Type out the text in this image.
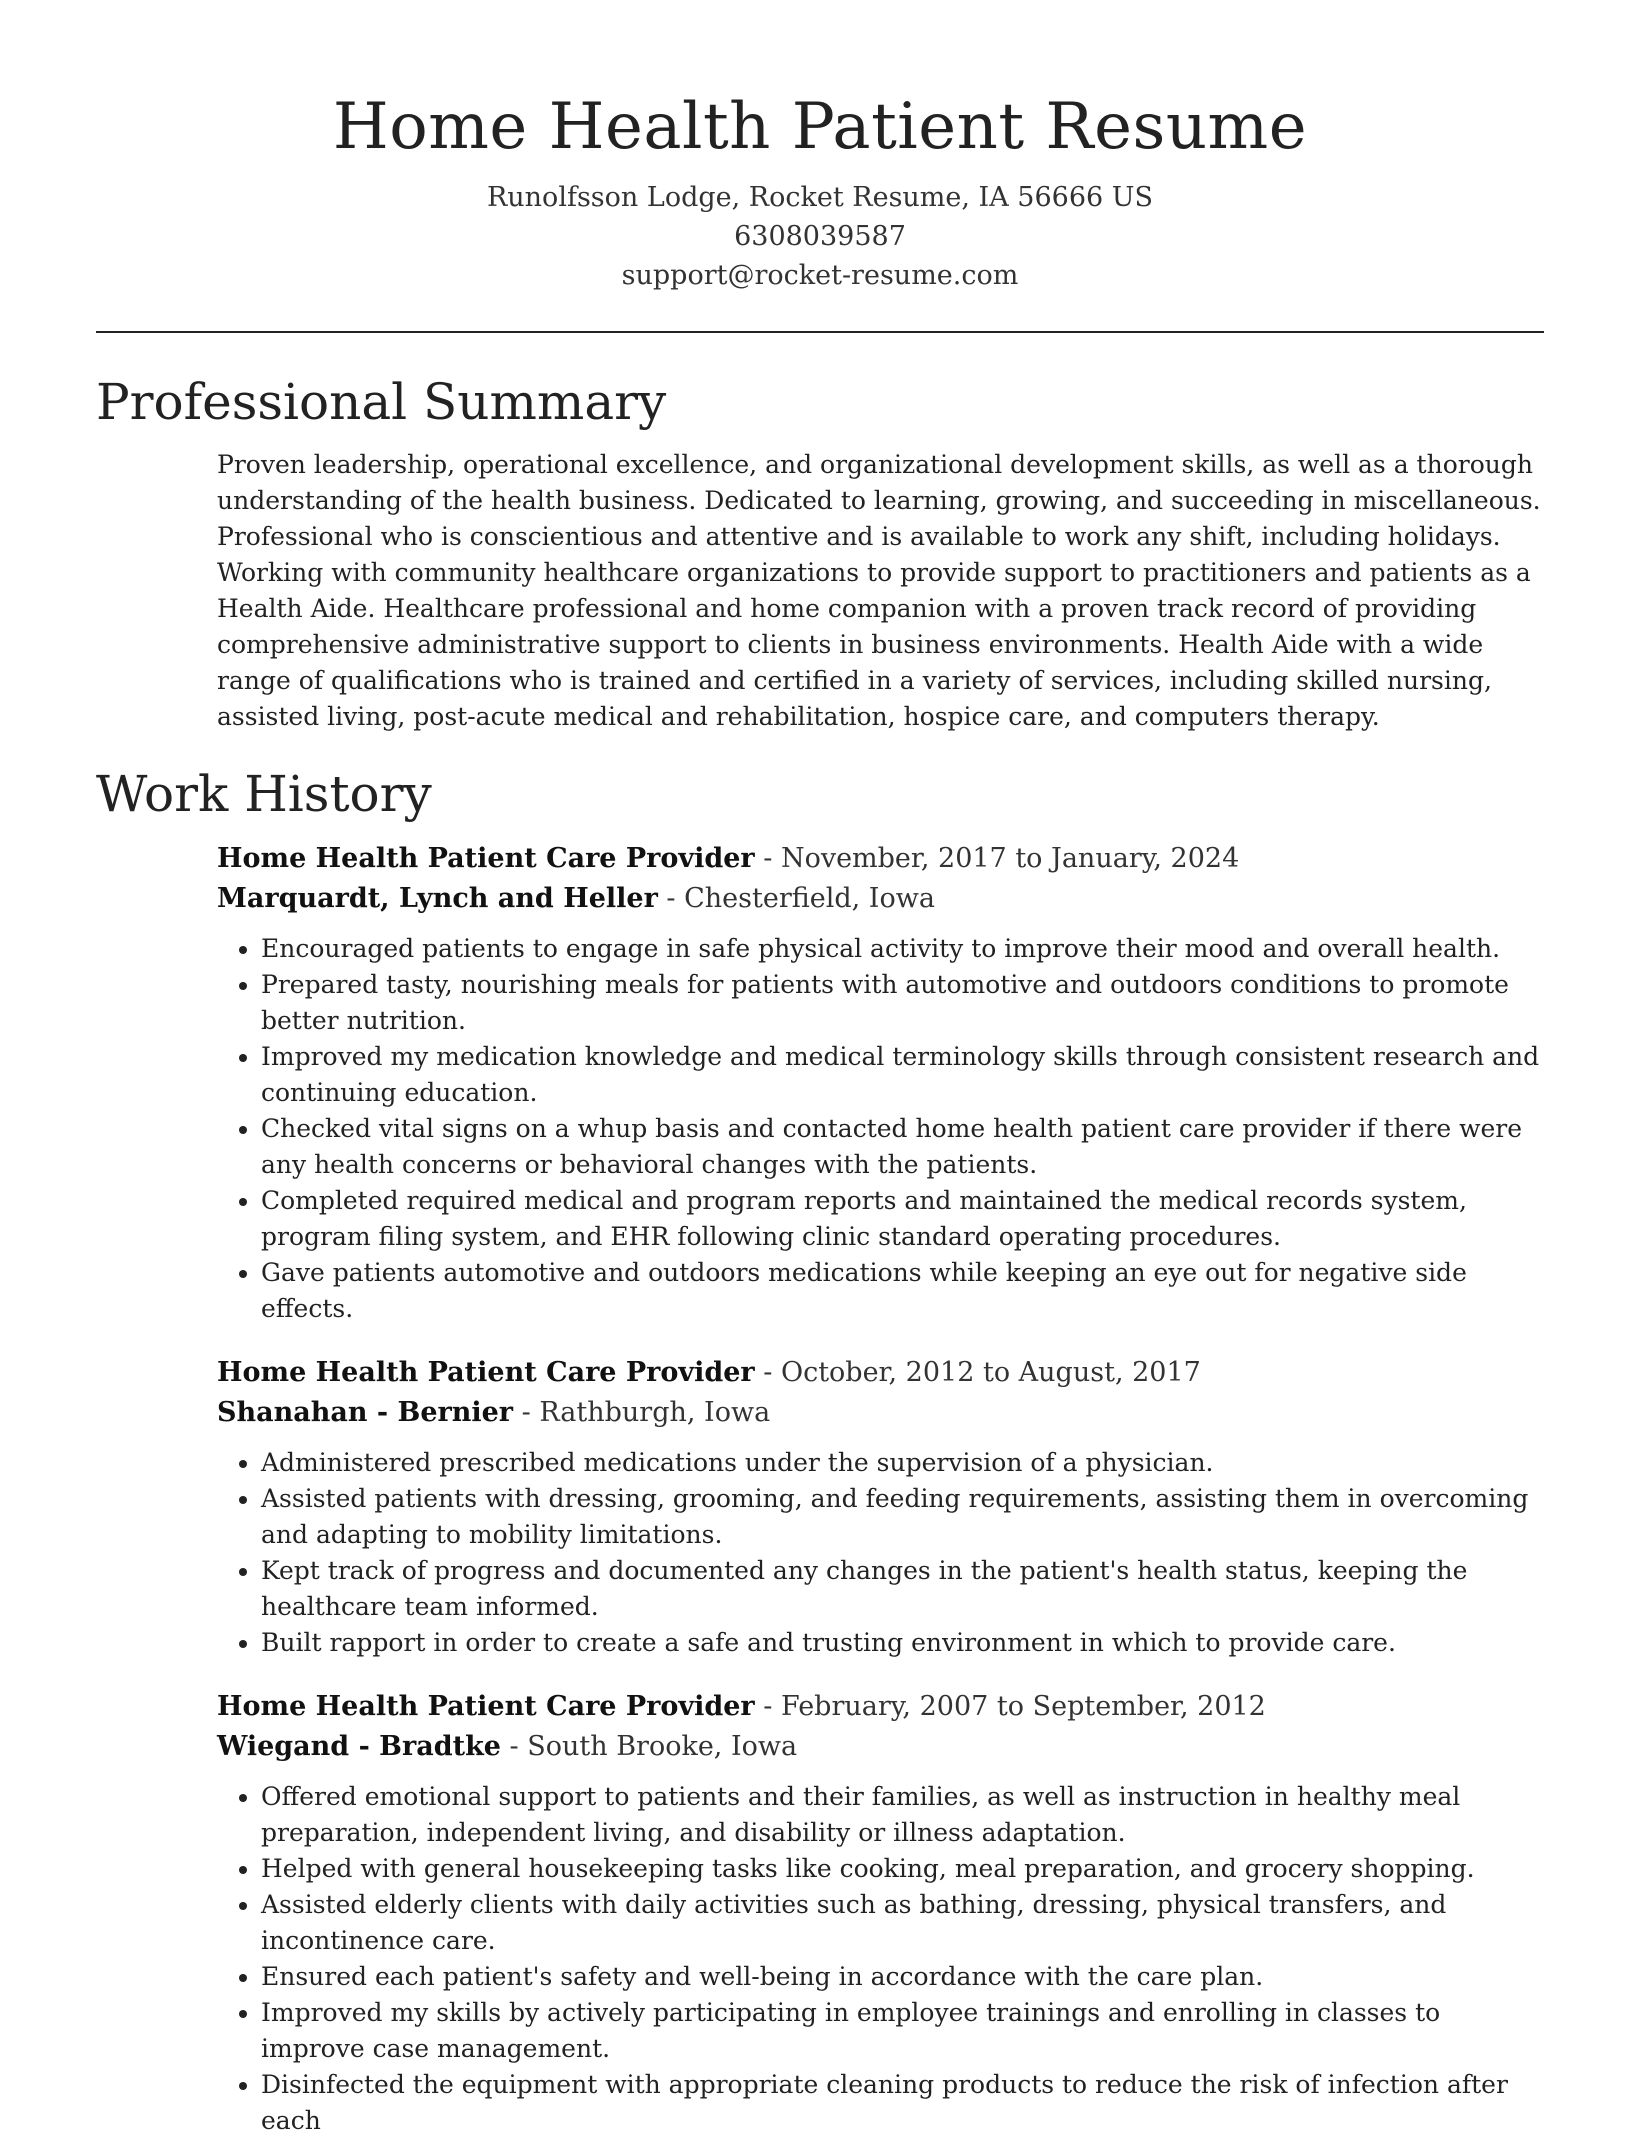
Home Health Patient Resume
Runolfsson Lodge, Rocket Resume, IA 56666 US
6308039587
support@rocket-resume.com
Professional Summary

Proven leadership, operational excellence, and organizational development skills, as well as a thorough understanding of the health business. Dedicated to learning, growing, and succeeding in miscellaneous. Professional who is conscientious and attentive and is available to work any shift, including holidays. Working with community healthcare organizations to provide support to practitioners and patients as a Health Aide. Healthcare professional and home companion with a proven track record of providing comprehensive administrative support to clients in business environments. Health Aide with a wide range of qualifications who is trained and certified in a variety of services, including skilled nursing, assisted living, post-acute medical and rehabilitation, hospice care, and computers therapy.

Work History
Home Health Patient Care Provider - November, 2017 to January, 2024
Marquardt, Lynch and Heller - Chesterfield, Iowa
• Encouraged patients to engage in safe physical activity to improve their mood and overall health.
• Prepared tasty, nourishing meals for patients with automotive and outdoors conditions to promote better nutrition.
• Improved my medication knowledge and medical terminology skills through consistent research and continuing education.
• Checked vital signs on a whup basis and contacted home health patient care provider if there were any health concerns or behavioral changes with the patients.
• Completed required medical and program reports and maintained the medical records system, program filing system, and EHR following clinic standard operating procedures.
• Gave patients automotive and outdoors medications while keeping an eye out for negative side effects.
Home Health Patient Care Provider - October, 2012 to August, 2017
Shanahan - Bernier - Rathburgh, Iowa
• Administered prescribed medications under the supervision of a physician.
• Assisted patients with dressing, grooming, and feeding requirements, assisting them in overcoming and adapting to mobility limitations.
• Kept track of progress and documented any changes in the patient's health status, keeping the healthcare team informed.
• Built rapport in order to create a safe and trusting environment in which to provide care.
Home Health Patient Care Provider - February, 2007 to September, 2012
Wiegand - Bradtke - South Brooke, Iowa
• Offered emotional support to patients and their families, as well as instruction in healthy meal preparation, independent living, and disability or illness adaptation.
• Helped with general housekeeping tasks like cooking, meal preparation, and grocery shopping.
• Assisted elderly clients with daily activities such as bathing, dressing, physical transfers, and incontinence care.
• Ensured each patient's safety and well-being in accordance with the care plan.
• Improved my skills by actively participating in employee trainings and enrolling in classes to improve case management.
• Disinfected the equipment with appropriate cleaning products to reduce the risk of infection after each
